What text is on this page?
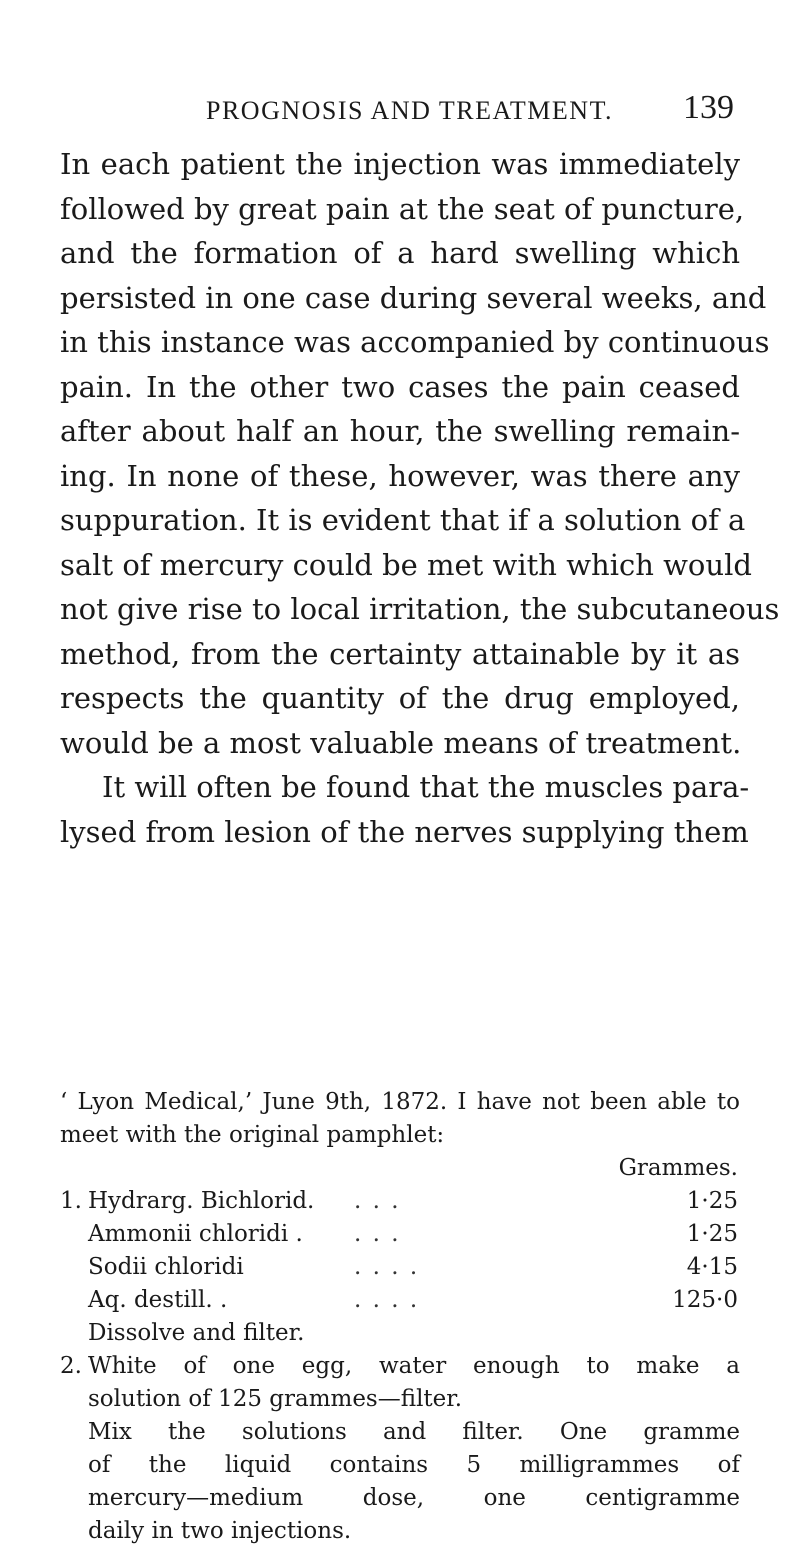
PROGNOSIS AND TREATMENT. 139
In each patient the injection was immediately
followed by great pain at the seat of puncture,
and the formation of a hard swelling which
persisted in one case during several weeks, and
in this instance was accompanied by continuous
pain. In the other two cases the pain ceased
after about half an hour, the swelling remain-
ing. In none of these, however, was there any
suppuration. It is evident that if a solution of a
salt of mercury could be met with which would
not give rise to local irritation, the subcutaneous
method, from the certainty attainable by it as
respects the quantity of the drug employed,
would be a most valuable means of treatment.
It will often be found that the muscles para-
lysed from lesion of the nerves supplying them
‘ Lyon Medical,’ June 9th, 1872. I have not been able to
meet with the original pamphlet:
Grammes.
1. Hydrarg. Bichlorid.	. . .	1·25
Ammonii chloridi .	. . .	1·25
Sodii chloridi	. . . .	4·15
Aq. destill. .	. . . .	125·0
Dissolve and filter.
2. White of one egg, water enough to make a
solution of 125 grammes—filter.
Mix the solutions and filter. One gramme
of the liquid contains 5 milligrammes of
mercury—medium dose, one centigramme
daily in two injections.
